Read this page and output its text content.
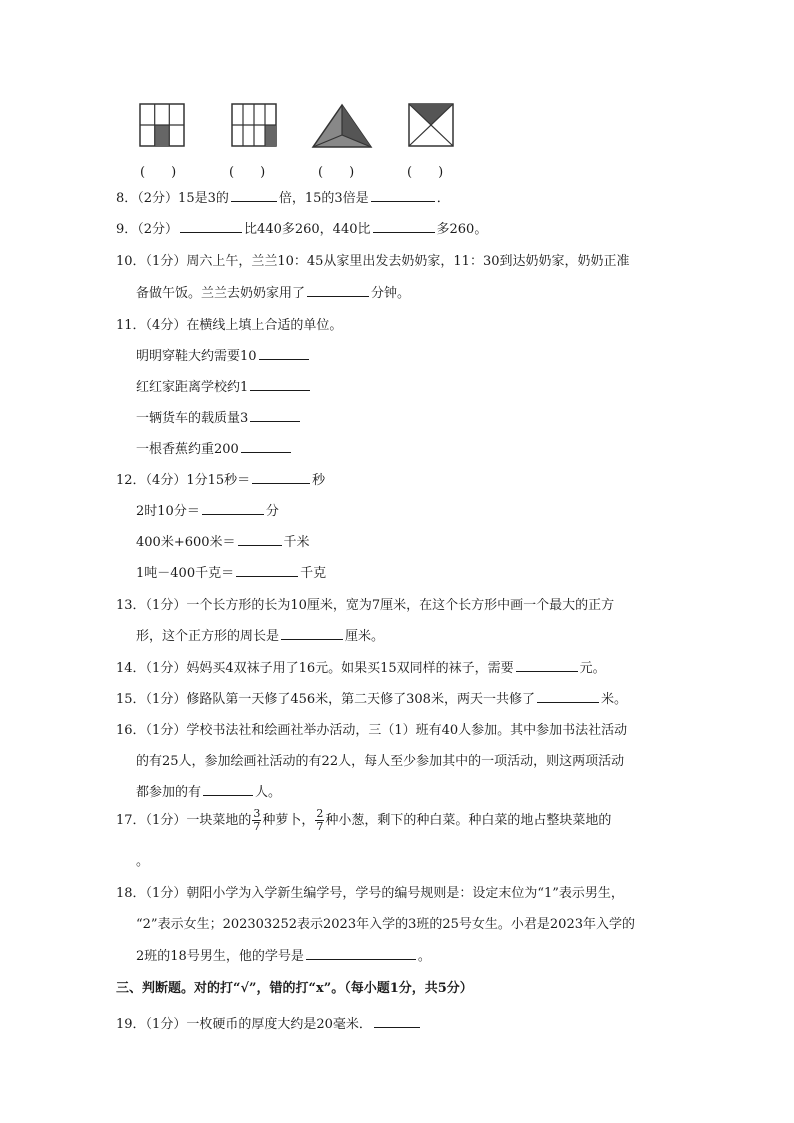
(　　)	(　　)	(　　)	(　　)
8．（2分）15是3的	倍，15的3倍是	．
9．（2分）	比440多260，440比	多260。
10．（1分）周六上午，兰兰10：45从家里出发去奶奶家，11：30到达奶奶家，奶奶正准
备做午饭。兰兰去奶奶家用了	分钟。
11．（4分）在横线上填上合适的单位。
明明穿鞋大约需要10
红红家距离学校约1
一辆货车的载质量3
一根香蕉约重200
12．（4分）1分15秒＝	秒
2时10分＝	分
400米+600米＝	千米
1吨－400千克＝	千克
13．（1分）一个长方形的长为10厘米，宽为7厘米，在这个长方形中画一个最大的正方
形，这个正方形的周长是	厘米。
14．（1分）妈妈买4双袜子用了16元。如果买15双同样的袜子，需要	元。
15．（1分）修路队第一天修了456米，第二天修了308米，两天一共修了	米。
16．（1分）学校书法社和绘画社举办活动，三（1）班有40人参加。其中参加书法社活动
的有25人，参加绘画社活动的有22人，每人至少参加其中的一项活动，则这两项活动
都参加的有	人。
17．（1分）一块菜地的 $\frac{3}{7}$ 种萝卜， $\frac{2}{7}$ 种小葱，剩下的种白菜。种白菜的地占整块菜地的
。
18．（1分）朝阳小学为入学新生编学号，学号的编号规则是：设定末位为“1”表示男生，
“2”表示女生；202303252表示2023年入学的3班的25号女生。小君是2023年入学的
2班的18号男生，他的学号是	。
三、判断题。对的打“√”，错的打“x”。（每小题1分，共5分）
19．（1分）一枚硬币的厚度大约是20毫米．
